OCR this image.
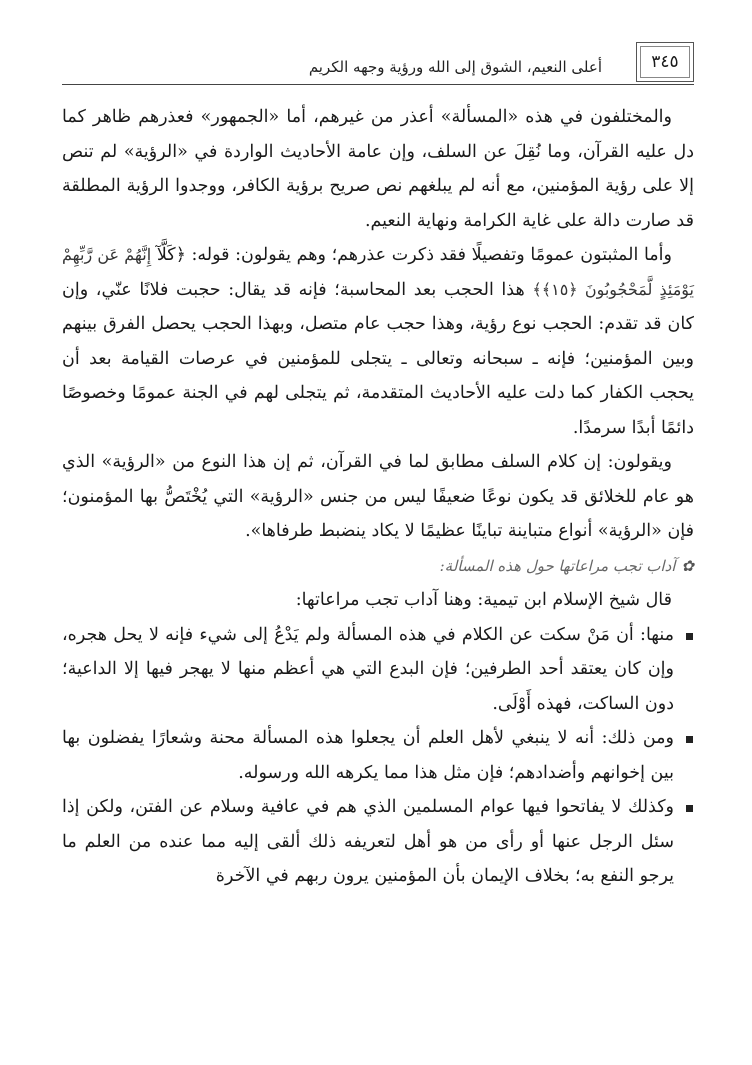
٣٤٥
أعلى النعيم، الشوق إلى الله ورؤية وجهه الكريم

والمختلفون في هذه «المسألة» أعذر من غيرهم، أما «الجمهور» فعذرهم ظاهر كما دل عليه القرآن، وما نُقِلَ عن السلف، وإن عامة الأحاديث الواردة في «الرؤية» لم تنص إلا على رؤية المؤمنين، مع أنه لم يبلغهم نص صريح برؤية الكافر، ووجدوا الرؤية المطلقة قد صارت دالة على غاية الكرامة ونهاية النعيم.

وأما المثبتون عمومًا وتفصيلًا فقد ذكرت عذرهم؛ وهم يقولون: قوله: ﴿كَلَّآ إِنَّهُمْ عَن رَّبِّهِمْ يَوْمَئِذٍ لَّمَحْجُوبُونَ ﴿١٥﴾﴾ هذا الحجب بعد المحاسبة؛ فإنه قد يقال: حجبت فلانًا عنّي، وإن كان قد تقدم: الحجب نوع رؤية، وهذا حجب عام متصل، وبهذا الحجب يحصل الفرق بينهم وبين المؤمنين؛ فإنه ـ سبحانه وتعالى ـ يتجلى للمؤمنين في عرصات القيامة بعد أن يحجب الكفار كما دلت عليه الأحاديث المتقدمة، ثم يتجلى لهم في الجنة عمومًا وخصوصًا دائمًا أبدًا سرمدًا.

ويقولون: إن كلام السلف مطابق لما في القرآن، ثم إن هذا النوع من «الرؤية» الذي هو عام للخلائق قد يكون نوعًا ضعيفًا ليس من جنس «الرؤية» التي يُخْتَصُّ بها المؤمنون؛ فإن «الرؤية» أنواع متباينة تباينًا عظيمًا لا يكاد ينضبط طرفاها».

✿آداب تجب مراعاتها حول هذه المسألة:

قال شيخ الإسلام ابن تيمية: وهنا آداب تجب مراعاتها:

منها: أن مَنْ سكت عن الكلام في هذه المسألة ولم يَدْعُ إلى شيء فإنه لا يحل هجره، وإن كان يعتقد أحد الطرفين؛ فإن البدع التي هي أعظم منها لا يهجر فيها إلا الداعية؛ دون الساكت، فهذه أَوْلَى.

ومن ذلك: أنه لا ينبغي لأهل العلم أن يجعلوا هذه المسألة محنة وشعارًا يفضلون بها بين إخوانهم وأضدادهم؛ فإن مثل هذا مما يكرهه الله ورسوله.

وكذلك لا يفاتحوا فيها عوام المسلمين الذي هم في عافية وسلام عن الفتن، ولكن إذا سئل الرجل عنها أو رأى من هو أهل لتعريفه ذلك ألقى إليه مما عنده من العلم ما يرجو النفع به؛ بخلاف الإيمان بأن المؤمنين يرون ربهم في الآخرة
